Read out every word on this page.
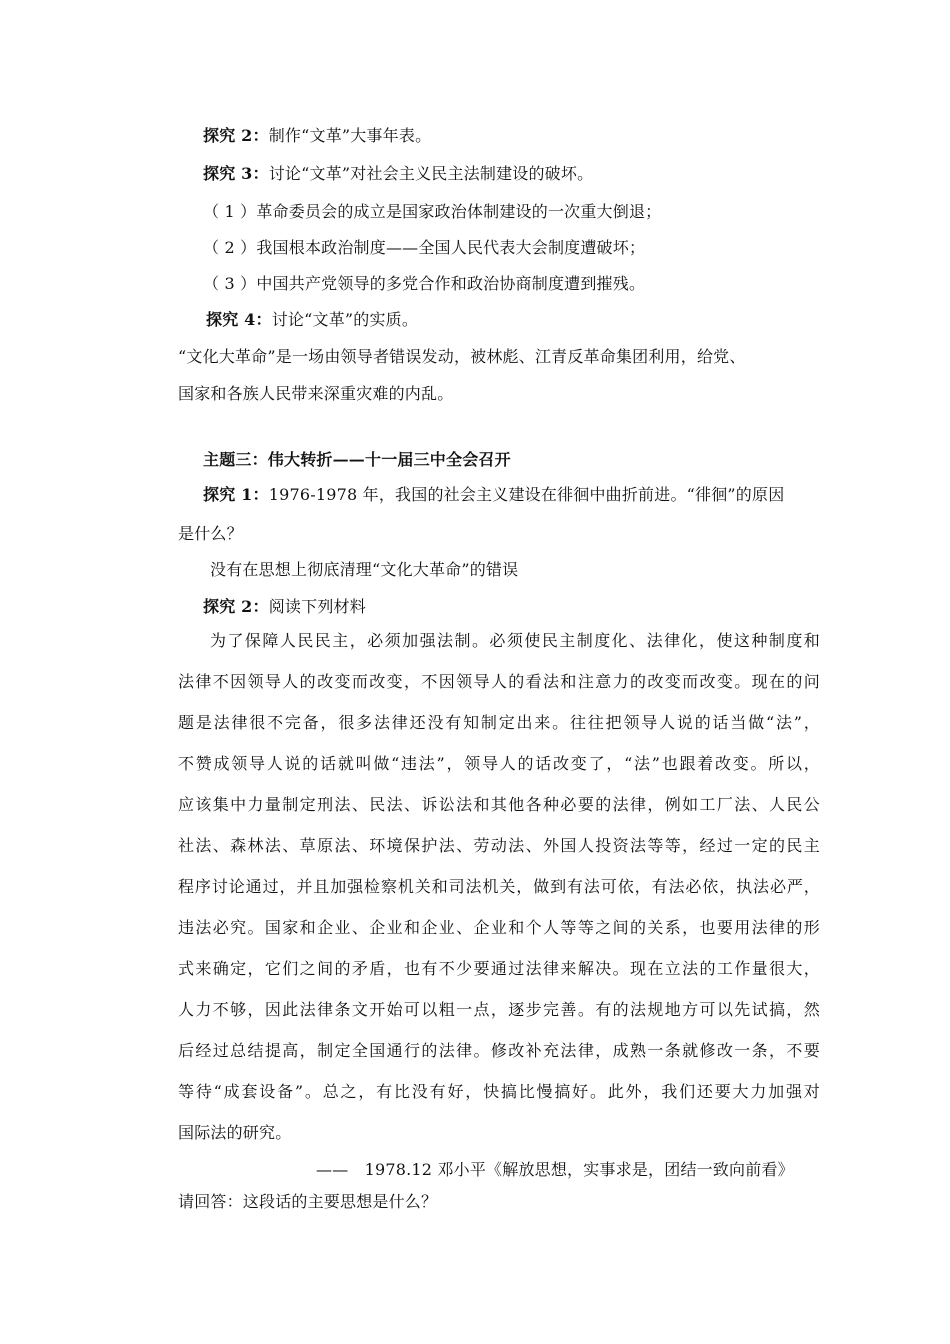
探究 2：制作“文革”大事年表。
探究 3：讨论“文革”对社会主义民主法制建设的破坏。
（ 1 ）革命委员会的成立是国家政治体制建设的一次重大倒退；
（ 2 ）我国根本政治制度——全国人民代表大会制度遭破坏；
（ 3 ）中国共产党领导的多党合作和政治协商制度遭到摧残。
探究 4：讨论“文革”的实质。
“文化大革命”是一场由领导者错误发动，被林彪、江青反革命集团利用，给党、
国家和各族人民带来深重灾难的内乱。
主题三：伟大转折——十一届三中全会召开
探究 1：1976-1978 年，我国的社会主义建设在徘徊中曲折前进。“徘徊”的原因
是什么？
没有在思想上彻底清理“文化大革命”的错误
探究 2：阅读下列材料
为了保障人民民主，必须加强法制。必须使民主制度化、法律化，使这种制度和
法律不因领导人的改变而改变，不因领导人的看法和注意力的改变而改变。现在的问
题是法律很不完备，很多法律还没有知制定出来。往往把领导人说的话当做“法”，
不赞成领导人说的话就叫做“违法”，领导人的话改变了，“法”也跟着改变。所以，
应该集中力量制定刑法、民法、诉讼法和其他各种必要的法律，例如工厂法、人民公
社法、森林法、草原法、环境保护法、劳动法、外国人投资法等等，经过一定的民主
程序讨论通过，并且加强检察机关和司法机关，做到有法可依，有法必依，执法必严，
违法必究。国家和企业、企业和企业、企业和个人等等之间的关系，也要用法律的形
式来确定，它们之间的矛盾，也有不少要通过法律来解决。现在立法的工作量很大，
人力不够，因此法律条文开始可以粗一点，逐步完善。有的法规地方可以先试搞，然
后经过总结提高，制定全国通行的法律。修改补充法律，成熟一条就修改一条，不要
等待“成套设备”。总之，有比没有好，快搞比慢搞好。此外，我们还要大力加强对
国际法的研究。
——　1978.12 邓小平《解放思想，实事求是，团结一致向前看》
请回答：这段话的主要思想是什么？
